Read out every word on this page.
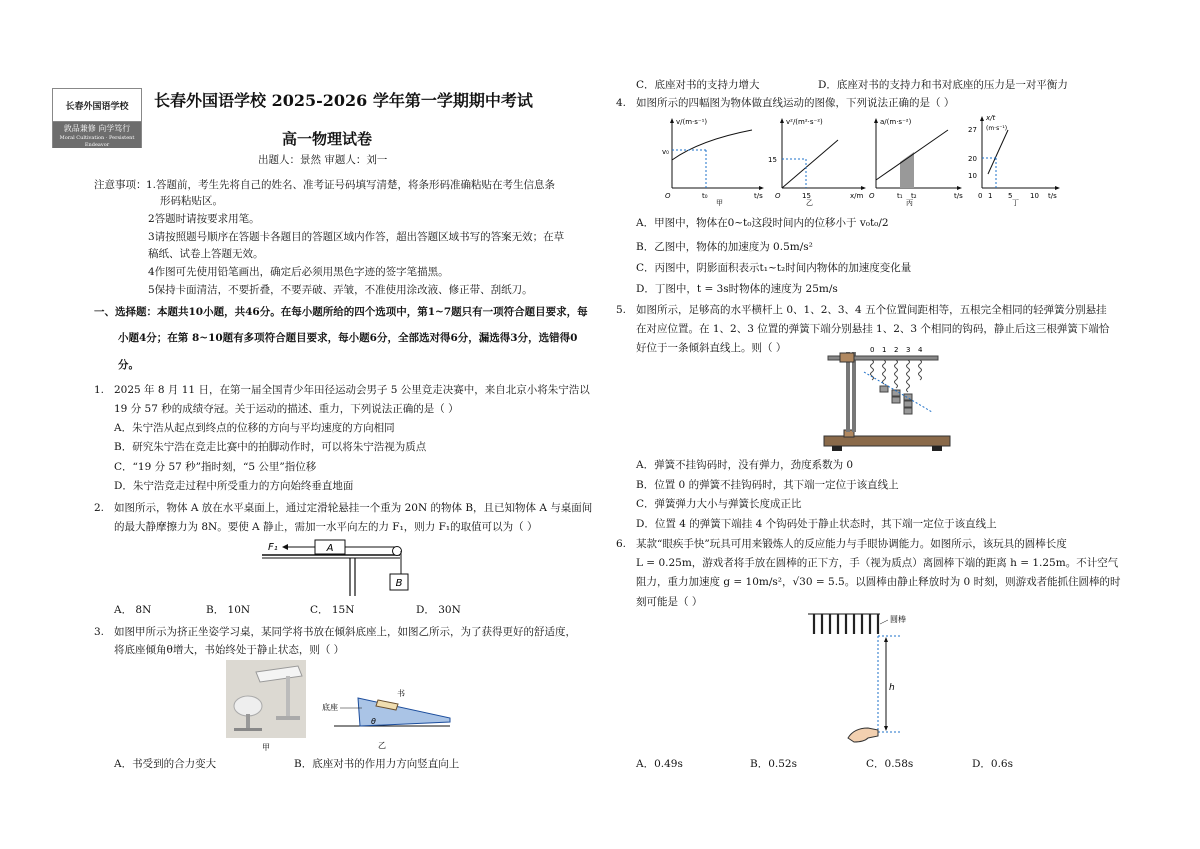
长春外国语学校
敦品兼修 向学笃行
Moral Cultivation · Persistent Endeavor
长春外国语学校 2025-2026 学年第一学期期中考试
高一物理试卷
出题人：景然 审题人：刘一
注意事项： 1.答题前，考生先将自己的姓名、准考证号码填写清楚，将条形码准确粘贴在考生信息条
形码粘贴区。
2答题时请按要求用笔。
3请按照题号顺序在答题卡各题目的答题区域内作答，超出答题区域书写的答案无效；在草
稿纸、试卷上答题无效。
4作图可先使用铅笔画出，确定后必须用黑色字迹的签字笔描黑。
5保持卡面清洁，不要折叠，不要弄破、弄皱，不准使用涂改液、修正带、刮纸刀。
一、选择题：本题共10小题，共46分。在每小题所给的四个选项中，第1~7题只有一项符合题目要求，每
小题4分；在第 8~10题有多项符合题目要求，每小题6分，全部选对得6分，漏选得3分，选错得0
分。
1. 2025 年 8 月 11 日，在第一届全国青少年田径运动会男子 5 公里竞走决赛中，来自北京小将朱宁浩以
19 分 57 秒的成绩夺冠。关于运动的描述、重力，下列说法正确的是（ ）
A．朱宁浩从起点到终点的位移的方向与平均速度的方向相同
B．研究朱宁浩在竞走比赛中的拍脚动作时，可以将朱宁浩视为质点
C．“19 分 57 秒”指时刻，“5 公里”指位移
D．朱宁浩竞走过程中所受重力的方向始终垂直地面
2. 如图所示，物体 A 放在水平桌面上，通过定滑轮悬挂一个重为 20N 的物体 B，且已知物体 A 与桌面间
的最大静摩擦力为 8N。要使 A 静止，需加一水平向左的力 F₁，则力 F₁的取值可以为（ ）
A
F₁
B
A． 8N	B． 10N	C． 15N	D． 30N
3. 如图甲所示为挤正坐姿学习桌，某同学将书放在倾斜底座上，如图乙所示，为了获得更好的舒适度，
将底座倾角θ增大，书始终处于静止状态，则（ ）
甲
底座
书
θ
乙
A．书受到的合力变大	B．底座对书的作用力方向竖直向上
C．底座对书的支持力增大	D．底座对书的支持力和书对底座的压力是一对平衡力
4. 如图所示的四幅图为物体做直线运动的图像，下列说法正确的是（ ）
v/(m·s⁻¹)
t/s
v₀
t₀
O
甲
v²/(m²·s⁻²)
x/m
15
15
O
乙
a/(m·s⁻²)
t/s
t₁ t₂
O
丙
x/t
(m·s⁻¹)
t/s
27
20
10
0 1 5	10
丁
A．甲图中，物体在0~t₀这段时间内的位移小于 v₀t₀/2
B．乙图中，物体的加速度为 0.5m/s²
C．丙图中，阴影面积表示t₁~t₂时间内物体的加速度变化量
D．丁图中，t = 3s时物体的速度为 25m/s
5. 如图所示，足够高的水平横杆上 0、1、2、3、4 五个位置间距相等，五根完全相同的轻弹簧分别悬挂
在对应位置。在 1、2、3 位置的弹簧下端分别悬挂 1、2、3 个相同的钩码，静止后这三根弹簧下端恰
好位于一条倾斜直线上。则（ ）	0 1 2 3 4
A．弹簧不挂钩码时，没有弹力，劲度系数为 0
B．位置 0 的弹簧不挂钩码时，其下端一定位于该直线上
C．弹簧弹力大小与弹簧长度成正比
D．位置 4 的弹簧下端挂 4 个钩码处于静止状态时，其下端一定位于该直线上
6. 某款“眼疾手快”玩具可用来锻炼人的反应能力与手眼协调能力。如图所示，该玩具的圆棒长度
L = 0.25m，游戏者将手放在圆棒的正下方，手（视为质点）离圆棒下端的距离 h = 1.25m。不计空气
阻力，重力加速度 g = 10m/s²，√30 = 5.5。以圆棒由静止释放时为 0 时刻，则游戏者能抓住圆棒的时
刻可能是（ ）
圆棒
h
A．0.49s	B．0.52s	C．0.58s	D．0.6s
